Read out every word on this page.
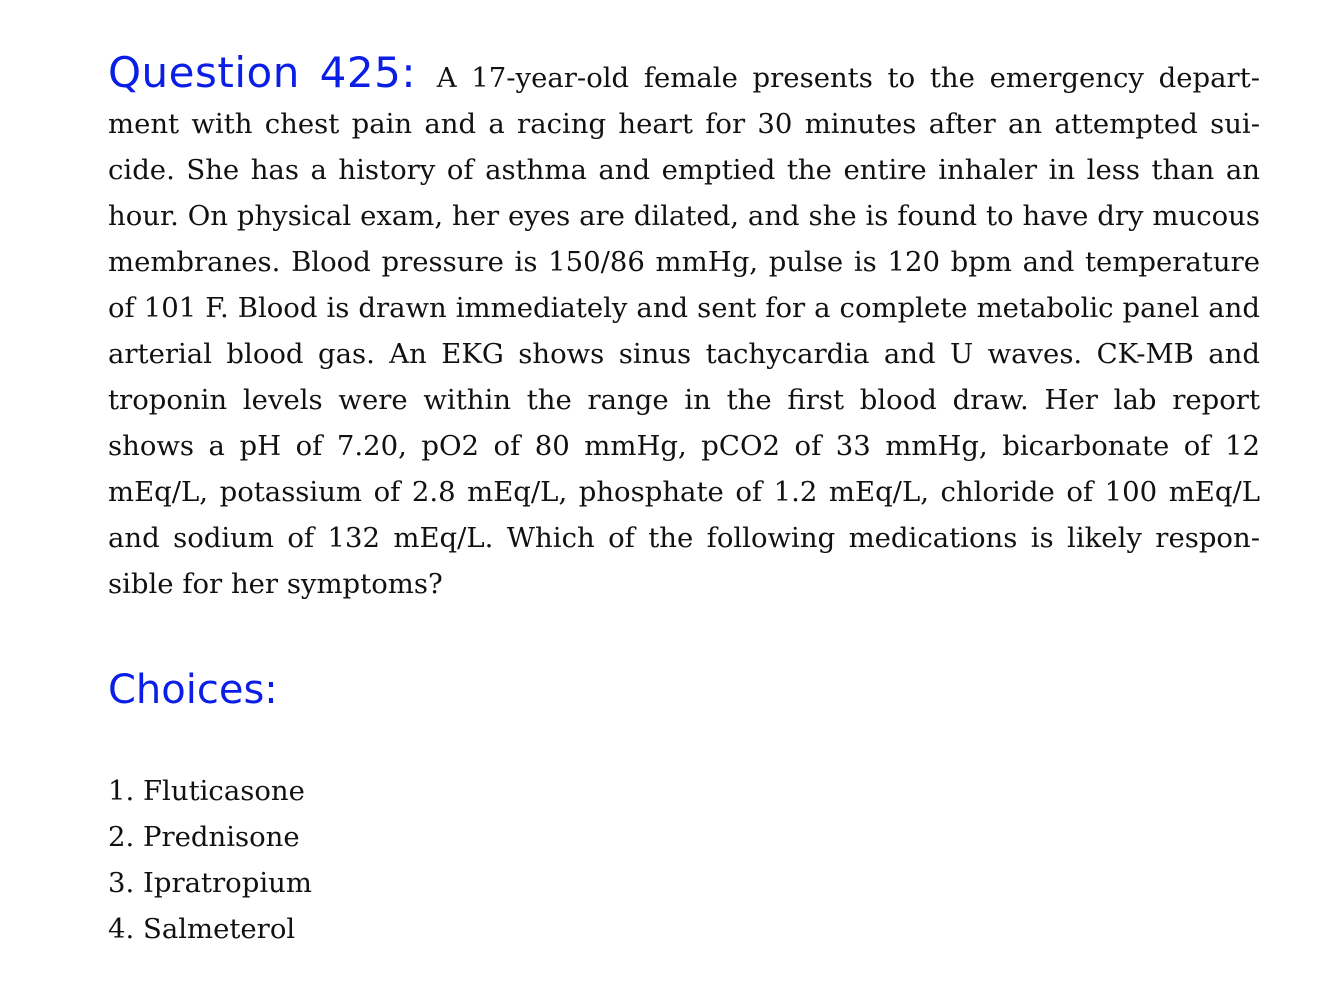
Question 425: A 17-year-old female presents to the emergency department with chest pain and a racing heart for 30 minutes after an attempted suicide. She has a history of asthma and emptied the entire inhaler in less than an hour. On physical exam, her eyes are dilated, and she is found to have dry mucous membranes. Blood pressure is 150/86 mmHg, pulse is 120 bpm and temperature of 101 F. Blood is drawn immediately and sent for a complete metabolic panel and arterial blood gas. An EKG shows sinus tachycardia and U waves. CK-MB and troponin levels were within the range in the first blood draw. Her lab report shows a pH of 7.20, pO2 of 80 mmHg, pCO2 of 33 mmHg, bicarbonate of 12 mEq/L, potassium of 2.8 mEq/L, phosphate of 1.2 mEq/L, chloride of 100 mEq/L and sodium of 132 mEq/L. Which of the following medications is likely responsible for her symptoms?

Choices:
1. Fluticasone
2. Prednisone
3. Ipratropium
4. Salmeterol
